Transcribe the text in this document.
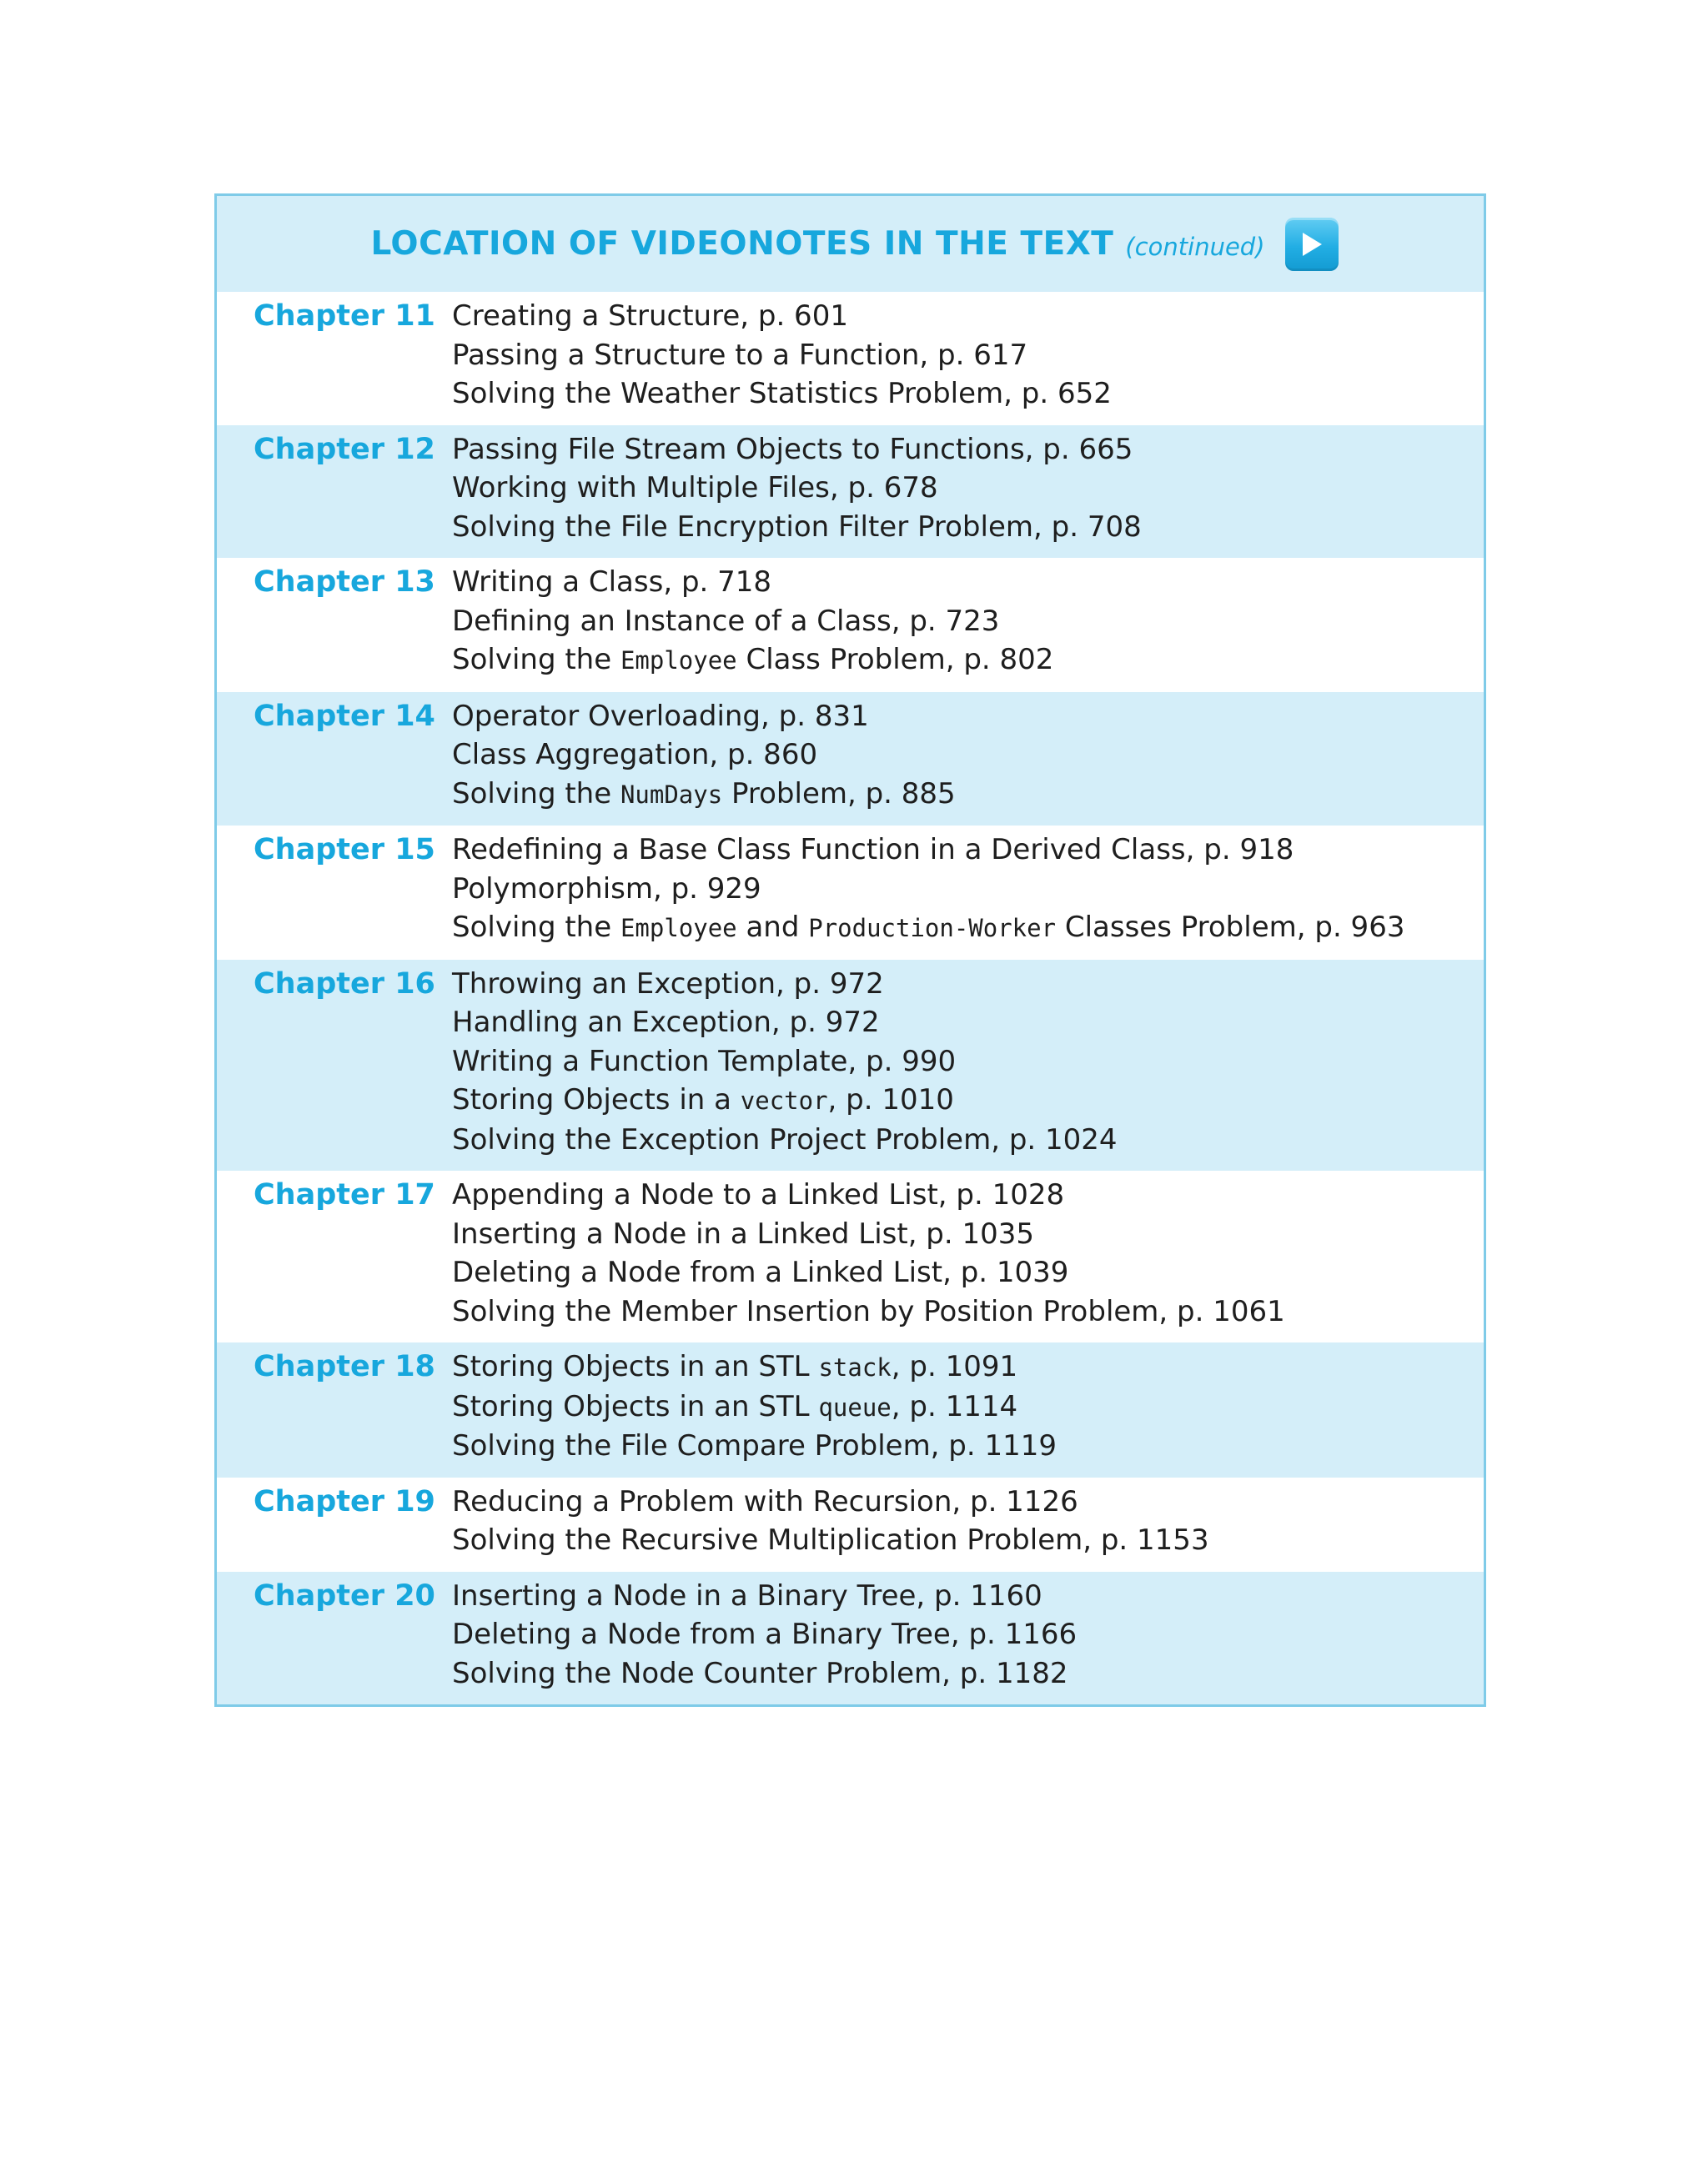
LOCATION OF VIDEONOTES IN THE TEXT (continued)
Chapter 11 Creating a Structure, p. 601
Passing a Structure to a Function, p. 617
Solving the Weather Statistics Problem, p. 652
Chapter 12 Passing File Stream Objects to Functions, p. 665
Working with Multiple Files, p. 678
Solving the File Encryption Filter Problem, p. 708
Chapter 13 Writing a Class, p. 718
Defining an Instance of a Class, p. 723
Solving the Employee Class Problem, p. 802
Chapter 14 Operator Overloading, p. 831
Class Aggregation, p. 860
Solving the NumDays Problem, p. 885
Chapter 15 Redefining a Base Class Function in a Derived Class, p. 918
Polymorphism, p. 929
Solving the Employee and Production-Worker Classes Problem, p. 963
Chapter 16 Throwing an Exception, p. 972
Handling an Exception, p. 972
Writing a Function Template, p. 990
Storing Objects in a vector, p. 1010
Solving the Exception Project Problem, p. 1024
Chapter 17 Appending a Node to a Linked List, p. 1028
Inserting a Node in a Linked List, p. 1035
Deleting a Node from a Linked List, p. 1039
Solving the Member Insertion by Position Problem, p. 1061
Chapter 18 Storing Objects in an STL stack, p. 1091
Storing Objects in an STL queue, p. 1114
Solving the File Compare Problem, p. 1119
Chapter 19 Reducing a Problem with Recursion, p. 1126
Solving the Recursive Multiplication Problem, p. 1153
Chapter 20 Inserting a Node in a Binary Tree, p. 1160
Deleting a Node from a Binary Tree, p. 1166
Solving the Node Counter Problem, p. 1182
